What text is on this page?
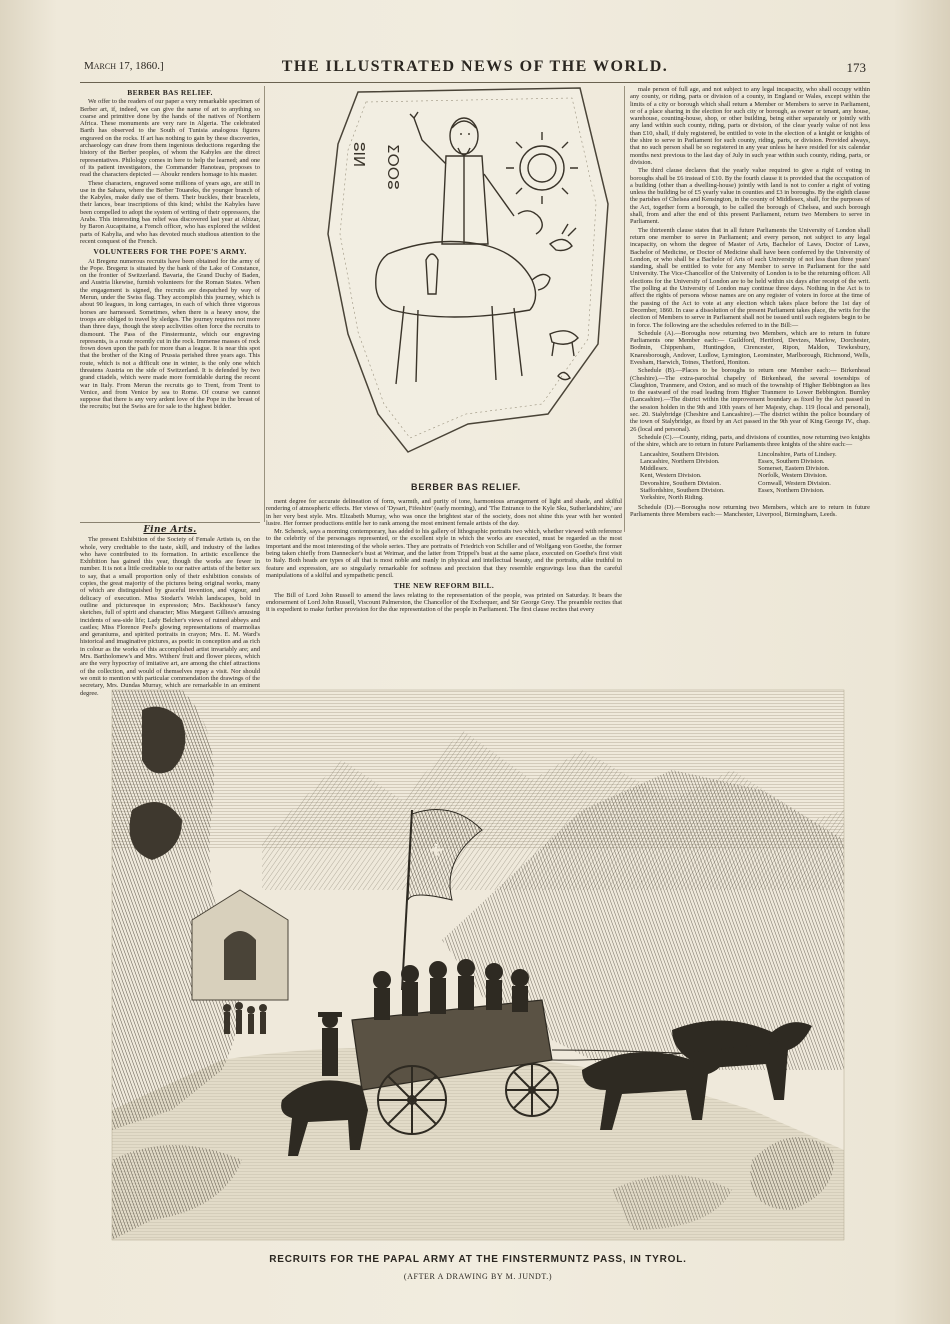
March 17, 1860.]	THE ILLUSTRATED NEWS OF THE WORLD.	173
BERBER BAS RELIEF.

We offer to the readers of our paper a very remarkable specimen of Berber art, if, indeed, we can give the name of art to anything so coarse and primitive done by the hands of the natives of Northern Africa. These monuments are very rare in Algeria. The celebrated Barth has observed to the South of Tunisia analogous figures engraved on the rocks. If art has nothing to gain by these discoveries, archaeology can draw from them ingenious deductions regarding the history of the Berber peoples, of whom the Kabyles are the direct representatives. Philology comes in here to help the learned; and one of its patient investigators, the Commander Hanoteau, proposes to read the characters depicted — Aboukr renders homage to his master.

These characters, engraved some millions of years ago, are still in use in the Sahara, where the Berber Touareks, the younger branch of the Kabyles, make daily use of them. Their buckles, their bracelets, their lances, bear inscriptions of this kind; whilst the Kabyles have been compelled to adopt the system of writing of their oppressors, the Arabs. This interesting bas relief was discovered last year at Abizar, by Baron Aucapitaine, a French officer, who has explored the wildest parts of Kabylia, and who has devoted much studious attention to the recent conquest of the French.

VOLUNTEERS FOR THE POPE'S ARMY.

At Bregenz numerous recruits have been obtained for the army of the Pope. Bregenz is situated by the bank of the Lake of Constance, on the frontier of Switzerland. Bavaria, the Grand Duchy of Baden, and Austria likewise, furnish volunteers for the Roman States. When the engagement is signed, the recruits are despatched by way of Merun, under the Swiss flag. They accomplish this journey, which is about 90 leagues, in long carriages, in each of which three vigorous horses are harnessed. Sometimes, when there is a heavy snow, the troops are obliged to travel by sledges. The journey requires not more than three days, though the steep acclivities often force the recruits to dismount. The Pass of the Finstermuntz, which our engraving represents, is a route recently cut in the rock. Immense masses of rock frown down upon the path for more than a league. It is near this spot that the brother of the King of Prussia perished three years ago. This route, which is not a difficult one in winter, is the only one which threatens Austria on the side of Switzerland. It is defended by two grand citadels, which were made more formidable during the recent war in Italy. From Merun the recruits go to Trent, from Trent to Venice, and from Venice by sea to Rome. Of course we cannot suppose that there is any very ardent love of the Pope in the breast of the recruits; but the Swiss are for sale to the highest bidder.

ⵓⵏⵍ ⵉⵔⵔⵓ
BERBER BAS RELIEF.

male person of full age, and not subject to any legal incapacity, who shall occupy within any county, or riding, parts or division of a county, in England or Wales, except within the limits of a city or borough which shall return a Member or Members to serve in Parliament, or of a place sharing in the election for such city or borough, as owner or tenant, any house, warehouse, counting-house, shop, or other building, being either separately or jointly with any land within such county, riding, parts or division, of the clear yearly value of not less than £10, shall, if duly registered, be entitled to vote in the election of a knight or knights of the shire to serve in Parliament for such county, riding, parts, or division. Provided always, that no such person shall be so registered in any year unless he have resided for six calendar months next previous to the last day of July in such year within such county, riding, parts, or division.

The third clause declares that the yearly value required to give a right of voting in boroughs shall be £6 instead of £10. By the fourth clause it is provided that the occupation of a building (other than a dwelling-house) jointly with land is not to confer a right of voting unless the building be of £5 yearly value in counties and £3 in boroughs. By the eighth clause the parishes of Chelsea and Kensington, in the county of Middlesex, shall, for the purposes of the Act, together form a borough, to be called the borough of Chelsea, and such borough shall, from and after the end of this present Parliament, return two Members to serve in Parliament.

The thirteenth clause states that in all future Parliaments the University of London shall return one member to serve in Parliament; and every person, not subject to any legal incapacity, on whom the degree of Master of Arts, Bachelor of Laws, Doctor of Laws, Bachelor of Medicine, or Doctor of Medicine shall have been conferred by the University of London, or who shall be a Bachelor of Arts of such University of not less than three years' standing, shall be entitled to vote for any Member to serve in Parliament for the said University. The Vice-Chancellor of the University of London is to be the returning officer. All elections for the University of London are to be held within six days after receipt of the writ. The polling at the University of London may continue three days. Nothing in the Act is to affect the rights of persons whose names are on any register of voters in force at the time of the passing of the Act to vote at any election which takes place before the 1st day of December, 1860. In case a dissolution of the present Parliament takes place, the writs for the election of Members to serve in Parliament shall not be issued until such registers begin to be in force. The following are the schedules referred to in the Bill:—

Schedule (A).—Boroughs now returning two Members, which are to return in future Parliaments one Member each:— Guildford, Hertford, Devizes, Marlow, Dorchester, Bodmin, Chippenham, Huntingdon, Cirencester, Ripon, Maldon, Tewkesbury, Knaresborough, Andover, Ludlow, Lymington, Leominster, Marlborough, Richmond, Wells, Evesham, Harwich, Totnes, Thetford, Honiton.

Schedule (B).—Places to be boroughs to return one Member each:— Birkenhead (Cheshire).—The extra-parochial chapelry of Birkenhead, the several townships of Claughton, Tranmere, and Oxton, and so much of the township of Higher Bebbington as lies to the eastward of the road leading from Higher Tranmere to Lower Bebbington. Burnley (Lancashire).—The district within the improvement boundary as fixed by the Act passed in the session holden in the 9th and 10th years of her Majesty, chap. 119 (local and personal), sec. 20. Stalybridge (Cheshire and Lancashire).—The district within the police boundary of the town of Stalybridge, as fixed by an Act passed in the 9th year of King George IV., chap. 26 (local and personal).

Schedule (C).—County, riding, parts, and divisions of counties, now returning two knights of the shire, which are to return in future Parliaments three knights of the shire each:—

Lancashire, Southern Division.
Lancashire, Northern Division.
Middlesex.
Kent, Western Division.
Devonshire, Southern Division.
Staffordshire, Southern Division.
Yorkshire, North Riding.
Lincolnshire, Parts of Lindsey.
Essex, Southern Division.
Somerset, Eastern Division.
Norfolk, Western Division.
Cornwall, Western Division.
Essex, Northern Division.

Schedule (D).—Boroughs now returning two Members, which are to return in future Parliaments three Members each:— Manchester, Liverpool, Birmingham, Leeds.

Fine Arts.

The present Exhibition of the Society of Female Artists is, on the whole, very creditable to the taste, skill, and industry of the ladies who have contributed to its formation. In artistic excellence the Exhibition has gained this year, though the works are fewer in number. It is not a little creditable to our native artists of the better sex to say, that a small proportion only of their exhibition consists of copies, the great majority of the pictures being original works, many of which are distinguished by graceful invention, and vigour, and delicacy of execution. Miss Stodart's Welsh landscapes, bold in outline and picturesque in expression; Mrs. Backhouse's fancy sketches, full of spirit and character; Miss Margaret Gillies's amusing incidents of sea-side life; Lady Belcher's views of ruined abbeys and castles; Miss Florence Peel's glowing representations of marmolias and geraniums, and spirited portraits in crayon; Mrs. E. M. Ward's historical and imaginative pictures, as poetic in conception and as rich in colour as the works of this accomplished artist invariably are; and Mrs. Bartholomew's and Mrs. Withers' fruit and flower pieces, which are the very hypocrisy of imitative art, are among the chief attractions of the collection, and would of themselves repay a visit. Nor should we omit to mention with particular commendation the drawings of the secretary, Mrs. Dundas Murray, which are remarkable in an eminent degree.

ment degree for accurate delineation of form, warmth, and purity of tone, harmonious arrangement of light and shade, and skilful rendering of atmospheric effects. Her views of 'Dysart, Fifeshire' (early morning), and 'The Entrance to the Kyle Sku, Sutherlandshire,' are in her very best style. Mrs. Elizabeth Murray, who was once the brightest star of the society, does not shine this year with her wonted lustre. Her former productions entitle her to rank among the most eminent female artists of the day.

Mr. Schenck, says a morning contemporary, has added to his gallery of lithographic portraits two which, whether viewed with reference to the celebrity of the personages represented, or the excellent style in which the works are executed, must be regarded as the most important and the most interesting of the whole series. They are portraits of Friedrich von Schiller and of Wolfgang von Goethe, the former being taken chiefly from Dannecker's bust at Weimar, and the latter from Trippel's bust at the same place, executed on Goethe's first visit to Italy. Both heads are types of all that is most noble and manly in physical and intellectual beauty, and the portraits, alike truthful in feature and expression, are so singularly remarkable for softness and precision that they resemble engravings less than the careful manipulations of a skilful and sympathetic pencil.

THE NEW REFORM BILL.

The Bill of Lord John Russell to amend the laws relating to the representation of the people, was printed on Saturday. It bears the endorsement of Lord John Russell, Viscount Palmerston, the Chancellor of the Exchequer, and Sir George Grey. The preamble recites that it is expedient to make further provision for the due representation of the people in Parliament. The first clause recites that every

RECRUITS FOR THE PAPAL ARMY AT THE FINSTERMUNTZ PASS, IN TYROL.
(AFTER A DRAWING BY M. JUNDT.)
